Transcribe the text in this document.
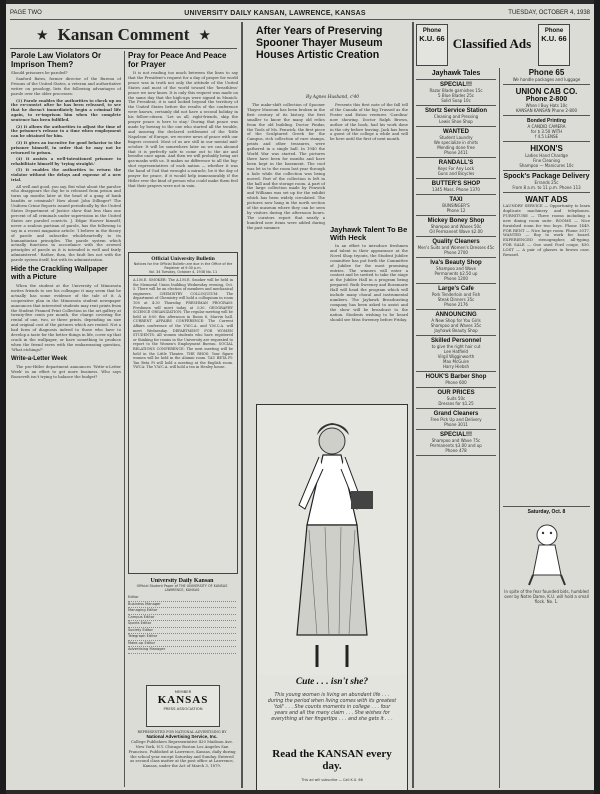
PAGE TWO	UNIVERSITY DAILY KANSAN, LAWRENCE, KANSAS	TUESDAY, OCTOBER 4, 1938
★ Kansan Comment ★
Parole Law Violators Or Imprison Them?

Should prisoners be paroled?

Sanford Bates, former director of the Bureau of Prisons of the United States, a veteran and authoritative writer on penology, lists the following advantages of parole over the older processes:

(1) Parole enables the authorities to check up on the ex-convict after he has been released, to see that he doesn't immediately begin a criminal life again, to re-imprison him when the complete sentence has been fulfilled.

(2) It allows the authorities to adjust the time of the prisoner's release to a time when employment can be obtained for him.

(3) It gives an incentive for good behavior to the prisoner himself, in order that he may not be returned to prison.

(4) It assists a well-intentioned prisoner to rehabilitate himself by 'trying straight.'

(5) It enables the authorities to return the violator without the delays and expense of a new trial.

All well and good, you say. But what about the parolee who disappears the day he is released from prison and turns up months later at the head of a gang of bank bandits or criminals? How about John Dillinger? The Uniform Crime Reports issued periodically by the United States Department of Justice show that less than one percent of all criminals under supervision in the United States are paroled convicts. J. Edgar Hoover himself, never a zealous partisan of parole, has the following to say in a recent magazine article: 'I believe in the theory of parole and subscribe wholeheartedly to its humanitarian principles. The parole system which actually functions in accordance with the avowed principles of parole as it is intended is well and fairly administered.' Rather, then, the fault lies not with the parole system itself, but with its administration.

Hide the Crackling Wallpaper with a Picture

When the student at the University of Minnesota invites friends to see his colleague it may seem that he actually has some evidence of the tale of it. A cooperative plan in the Minnesota student newspaper announces that interested students may rent prints from the Student Framed Print Collection in the art gallery at twenty-five cents per month, the charge covering the rental of one, two, or three prints, depending on size and original cost of the pictures which are rented. Not a bad form of diagnosis indeed to those who have to develop a taste for the better things in life, cover up that crack in the wallpaper, or have something to produce when the friend raves with the embarrassing question, 'What etchings?'

Write-a-Letter Week

The pro-Hitler department announces 'Write-a-Letter Week' in an effort to get more business. Who says Roosevelt isn't trying to balance the budget?

Pray for Peace And Peace for Prayer

It is not reading too much between the lines to say that the President's request for a day of prayer for world peace was in truth not only the attitude of the United States and most of the world toward the 'breathless' peace we now know. It is only this request was made on the same day that the high-ups were signed in Munich. The President, it is said looked beyond the territory of the United States before the results of the conference were known, certainly did not have a second holiday in his follow-citizen. 'Let us all, right-friends, skip the prayer peace is here to stay.' During that peace was made by bowing to the one who started all the trouble, and insuring the declared settlement of the 'little Napoleon' of Europe, we receive news of peace with our fingers crossed. Most of us are still in our mental mid-october. It will be somewhere later on we can abound that it is perfectly safe to come out to the air and breathe once again. And then we will probably bring out gas-masks with us. It makes no difference to all the big-shot representatives of each nation — whether it was the hand of God that wrought a miracle, be it the day of prayer for peace, if it would help immeasurably if the Hitler ever the kind of person who could make them feel that their prayers were not in vain.

Official University Bulletin
Notices for the Official Bulletin are due in the Office of the Registrar at 9:30 p.m.
Vol. 34 Tuesday, October 4, 1938 No. 11
A.I.M.E. SMOKER: The A.I.M.E. Smoker will be held in the Memorial Union building Wednesday evening, Oct. 5. There will be an election of members and mechanical engineers. CHEMISTRY COLLOQUIUM: The department of Chemistry will hold a colloquium in room 108 at 4:30 Thursday. FRESHMAN PROGRAM: Freshmen will meet today at 3:30. GEOGRAPHY SCIENCE ORGANIZATION: The regular meeting will be held at 8:00 this afternoon in Room 6, Marvin hall. CURRENT AFFAIRS CONFERENCE: The Current Affairs conference of the Y.W.C.A. and Y.M.C.A. will meet Wednesday. DEPARTMENT FOR WOMEN STUDENTS: All women students who have registered or thinking for rooms in the University are requested to report to the Women's Employment Bureau. SOCIAL RELATIONS CONFERENCE: The next meeting will be held in the Little Theatre. THE RHOS: Your figure women will be held in the Alumni room. TAU BETA PI: Tau Beta Pi will hold a meeting at the English room. YWCA: The Y.W.C.A. will hold a tea in Henley house.
University Daily Kansan
Official Student Paper of THE UNIVERSITY OF KANSAS LAWRENCE, KANSAS
Editor
Business Manager
Managing Editor
Campus Editor
Sports Editor
Society Editor
Telegraph Editor
Make-up Editor
Advertising Manager
MEMBER
KANSAS
PRESS ASSOCIATION
REPRESENTED FOR NATIONAL ADVERTISING BY
National Advertising Service, Inc.
College Publishers Representative 420 Madison Ave. New York, N.Y. Chicago Boston Los Angeles San Francisco. Published at Lawrence, Kansas, daily during the school year except Saturday and Sunday. Entered as second class matter at the post office at Lawrence, Kansas, under the Act of March 3, 1879.
After Years of Preserving Spooner Thayer Museum Houses Artistic Creation
By Agnes Husband, c'40

The make-shift collection of Spooner Thayer Museum has been broken in the first century of its history, the first smaller to know the many old relics from the old building. Doctor Pindar, the Tools of Ms. Fenwick, the first piece of the Sculptured Greek for the Campus, rich collection of rare stamps, prints and other treasures, were gathered in a single hall. In 1940 the World War was started. The pictures there have been for months and have been kept in the basement. The roof was let in to the room last year through a hole while the collection was being moved. Part of the collection is left in the hall and the storage room. A part of the large collection made by Fenwick and Williams was set up for the exhibit which has been widely circulated. The pictures now hang in the north section of the museum where they can be seen by visitors during the afternoon hours. The curators report that nearly a hundred new items were added during the past summer.

Presents this first note of the fall tell of the Canada of the big Trussed as the Foster and Eaton ventures 'Carolina' now showing. Doctor Ralph Brown, author of the book, had his work done in the city before leaving. Jack has been a guest of the college a while and will be here until the first of next month.

Jayhawk Talent To Be With Heck

In an effort to introduce freshmen and talent in their appearance at the Novel Shop tryouts, the Student Jubilee committee has put forth the Committee of Jubilee for the most promising entries. The winners will enter a contest and be invited to take the stage at the Jubilee Hall in a program being prepared. Ruth Sweeney and Rosemarie Hall will head the program which will include many choral and instrumental numbers. The Jayhawk Broadcasting company has been asked to assist and the show will be broadcast to the nation. Students wishing to be heard should see Miss Sweeney before Friday.

Cute . . . isn't she?
This young woman is living an abundant life . . . during the period when living comes with its greatest 'toll' . . . She counts moments in college . . . four years and all the many claim . . . She wishes for everything at her fingertips . . . and she gets it . . .
Read the KANSAN every day.
This ad will subscribe — Call K.U. 66
Phone
K.U. 66 Classified Ads
Phone
K.U. 66
Jayhawk Tales
SPECIAL!!!
Razor Blade garnishes 15c
5 Blue Blades 25c
Solid Soap 10c
Stortz Service Station
Cleaning and Pressing
Lewis Shoe Shop
WANTED
Student Laundry
We specialize in shirts
Mending done free
Phone 2411
RANDALL'S
Keys For Any Lock
Guns and Bicycles
BUTTER'S SHOP
1345 Mass. Phone 1370
TAXI
BUNSINGER'S
Phone 12
Mickey Boney Shop
Shampoo and Waves 50c
Oil Permanent Wave $2.00
Quality Cleaners
Men's Suits and Women's Dresses 45c
Phone 2700
Iva's Beauty Shop
Shampoo and Wave
Permanents $2.50 up
Phone 1200
Large's Cafe
Pork Tenderloin and Fish
Steak Dinners 35c
Phone 2176
ANNOUNCING
A New Shop for You Girls
Shampoo and Waves 35c
Jayhawk Beauty Shop
Skilled Personnel
to give the right hair cut
Lee Hatfield
Virgil Wigginworth
Max McGuire
Harry Hiebsh
HOUK'S Barber Shop
Phone 600
OUR PRICES
Suits 50c
Dresses for $1.25
Grand Cleaners
Free Pick Up and Delivery
Phone 3011
SPECIAL!!!
Shampoo and Wave 75c
Permanents $3.00 and up
Phone 478
Phone 65
We handle packages and luggage
UNION CAB CO.
Phone 2-800
When I Buy Hats 10c
KANSAN KANSAN Phone 2-800
Bonded Printing
A CANDID CAMERA
for $ 3.50 WITH
f 4.5 LENSE
HIXON'S
Ladies Hand Chardge
Fine Cleaning
Shampoo — Manicures 10c
Spock's Package Delivery
Errands 25c
From 8 a.m. to 11 p.m. Phone 113
WANT ADS
LAUNDRY SERVICE — Opportunity to learn duplicate machinery and telephones. FURNITURE — Three rooms including a new dining room suite. ROOMS — Nice furnished room for two boys. Phone 1449. FOR RENT — Nice large room. Phone 2017. WANTED — Boy to work for board. EXPERIENCED stenographer, all-typing. FOR SALE — One used Ford coupe, $50. LOST — A pair of glasses in brown case. Reward.
Saturday, Oct. 8
In spite of the fear founded bids, humbled over by Notre Dame, K.U. will hold a small flock. No. 1.
